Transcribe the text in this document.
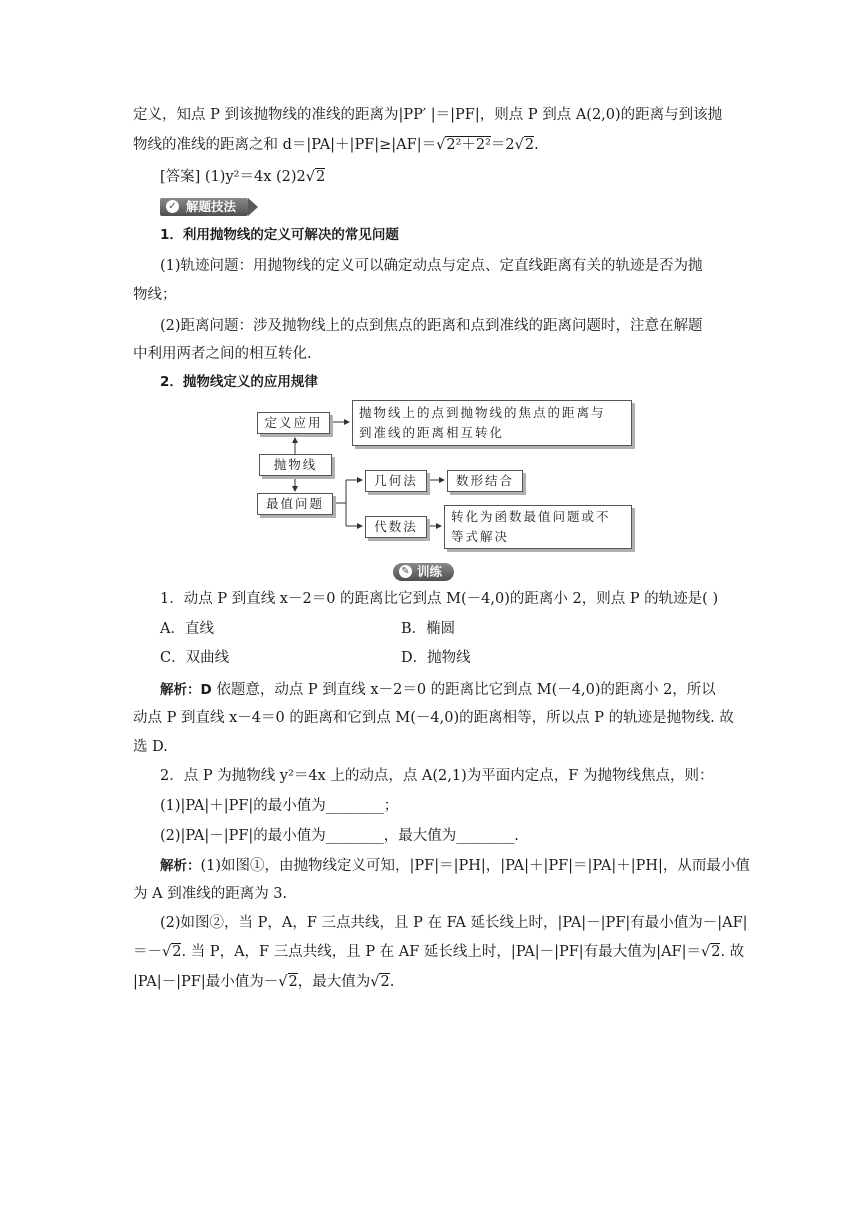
定义，知点 P 到该抛物线的准线的距离为|PP′ |＝|PF|，则点 P 到点 A(2,0)的距离与到该抛
物线的准线的距离之和 d＝|PA|＋|PF|≥|AF|＝√2²＋2²＝2√2.
[答案] (1)y²＝4x (2)2√2
✓ 解题技法
1．利用抛物线的定义可解决的常见问题
(1)轨迹问题：用抛物线的定义可以确定动点与定点、定直线距离有关的轨迹是否为抛
物线；
(2)距离问题：涉及抛物线上的点到焦点的距离和点到准线的距离问题时，注意在解题
中利用两者之间的相互转化.
2．抛物线定义的应用规律
定义应用
抛物线上的点到抛物线的焦点的距离与
到准线的距离相互转化
抛物线
最值问题
几何法	数形结合
代数法
转化为函数最值问题或不
等式解决
✎ 训练
1．动点 P 到直线 x－2＝0 的距离比它到点 M(－4,0)的距离小 2，则点 P 的轨迹是( )
A．直线	B．椭圆
C．双曲线	D．抛物线
解析：D 依题意，动点 P 到直线 x－2＝0 的距离比它到点 M(－4,0)的距离小 2，所以
动点 P 到直线 x－4＝0 的距离和它到点 M(－4,0)的距离相等，所以点 P 的轨迹是抛物线. 故
选 D.
2．点 P 为抛物线 y²＝4x 上的动点，点 A(2,1)为平面内定点，F 为抛物线焦点，则：
(1)|PA|＋|PF|的最小值为________；
(2)|PA|－|PF|的最小值为________，最大值为________.
解析：(1)如图①，由抛物线定义可知，|PF|＝|PH|，|PA|＋|PF|＝|PA|＋|PH|，从而最小值
为 A 到准线的距离为 3.
(2)如图②，当 P，A，F 三点共线，且 P 在 FA 延长线上时，|PA|－|PF|有最小值为－|AF|
＝－√2. 当 P，A，F 三点共线，且 P 在 AF 延长线上时，|PA|－|PF|有最大值为|AF|＝√2. 故
|PA|－|PF|最小值为－√2，最大值为√2.
